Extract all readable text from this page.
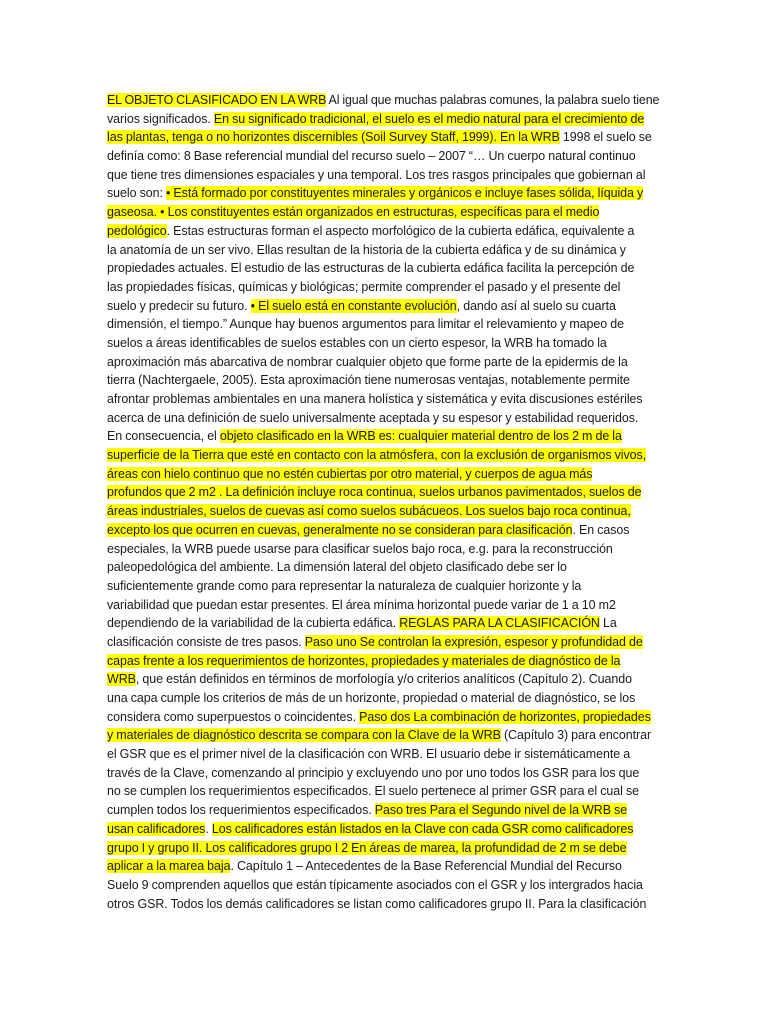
EL OBJETO CLASIFICADO EN LA WRB Al igual que muchas palabras comunes, la palabra suelo tiene
varios significados. En su significado tradicional, el suelo es el medio natural para el crecimiento de
las plantas, tenga o no horizontes discernibles (Soil Survey Staff, 1999). En la WRB 1998 el suelo se
definía como: 8 Base referencial mundial del recurso suelo – 2007 “… Un cuerpo natural continuo
que tiene tres dimensiones espaciales y una temporal. Los tres rasgos principales que gobiernan al
suelo son: • Está formado por constituyentes minerales y orgánicos e incluye fases sólida, líquida y
gaseosa. • Los constituyentes están organizados en estructuras, específicas para el medio
pedológico. Estas estructuras forman el aspecto morfológico de la cubierta edáfica, equivalente a
la anatomía de un ser vivo. Ellas resultan de la historia de la cubierta edáfica y de su dinámica y
propiedades actuales. El estudio de las estructuras de la cubierta edáfica facilita la percepción de
las propiedades físicas, químicas y biológicas; permite comprender el pasado y el presente del
suelo y predecir su futuro. • El suelo está en constante evolución, dando así al suelo su cuarta
dimensión, el tiempo.” Aunque hay buenos argumentos para limitar el relevamiento y mapeo de
suelos a áreas identificables de suelos estables con un cierto espesor, la WRB ha tomado la
aproximación más abarcativa de nombrar cualquier objeto que forme parte de la epidermis de la
tierra (Nachtergaele, 2005). Esta aproximación tiene numerosas ventajas, notablemente permite
afrontar problemas ambientales en una manera holística y sistemática y evita discusiones estériles
acerca de una definición de suelo universalmente aceptada y su espesor y estabilidad requeridos.
En consecuencia, el objeto clasificado en la WRB es: cualquier material dentro de los 2 m de la
superficie de la Tierra que esté en contacto con la atmósfera, con la exclusión de organismos vivos,
áreas con hielo continuo que no estén cubiertas por otro material, y cuerpos de agua más
profundos que 2 m2 . La definición incluye roca continua, suelos urbanos pavimentados, suelos de
áreas industriales, suelos de cuevas así como suelos subácueos. Los suelos bajo roca continua,
excepto los que ocurren en cuevas, generalmente no se consideran para clasificación. En casos
especiales, la WRB puede usarse para clasificar suelos bajo roca, e.g. para la reconstrucción
paleopedológica del ambiente. La dimensión lateral del objeto clasificado debe ser lo
suficientemente grande como para representar la naturaleza de cualquier horizonte y la
variabilidad que puedan estar presentes. El área mínima horizontal puede variar de 1 a 10 m2
dependiendo de la variabilidad de la cubierta edáfica. REGLAS PARA LA CLASIFICACIÓN La
clasificación consiste de tres pasos. Paso uno Se controlan la expresión, espesor y profundidad de
capas frente a los requerimientos de horizontes, propiedades y materiales de diagnóstico de la
WRB, que están definidos en términos de morfología y/o criterios analíticos (Capítulo 2). Cuando
una capa cumple los criterios de más de un horizonte, propiedad o material de diagnóstico, se los
considera como superpuestos o coincidentes. Paso dos La combinación de horizontes, propiedades
y materiales de diagnóstico descrita se compara con la Clave de la WRB (Capítulo 3) para encontrar
el GSR que es el primer nivel de la clasificación con WRB. El usuario debe ir sistemáticamente a
través de la Clave, comenzando al principio y excluyendo uno por uno todos los GSR para los que
no se cumplen los requerimientos especificados. El suelo pertenece al primer GSR para el cual se
cumplen todos los requerimientos especificados. Paso tres Para el Segundo nivel de la WRB se
usan calificadores. Los calificadores están listados en la Clave con cada GSR como calificadores
grupo I y grupo II. Los calificadores grupo I 2 En áreas de marea, la profundidad de 2 m se debe
aplicar a la marea baja. Capítulo 1 – Antecedentes de la Base Referencial Mundial del Recurso
Suelo 9 comprenden aquellos que están típicamente asociados con el GSR y los intergrados hacia
otros GSR. Todos los demás calificadores se listan como calificadores grupo II. Para la clasificación
